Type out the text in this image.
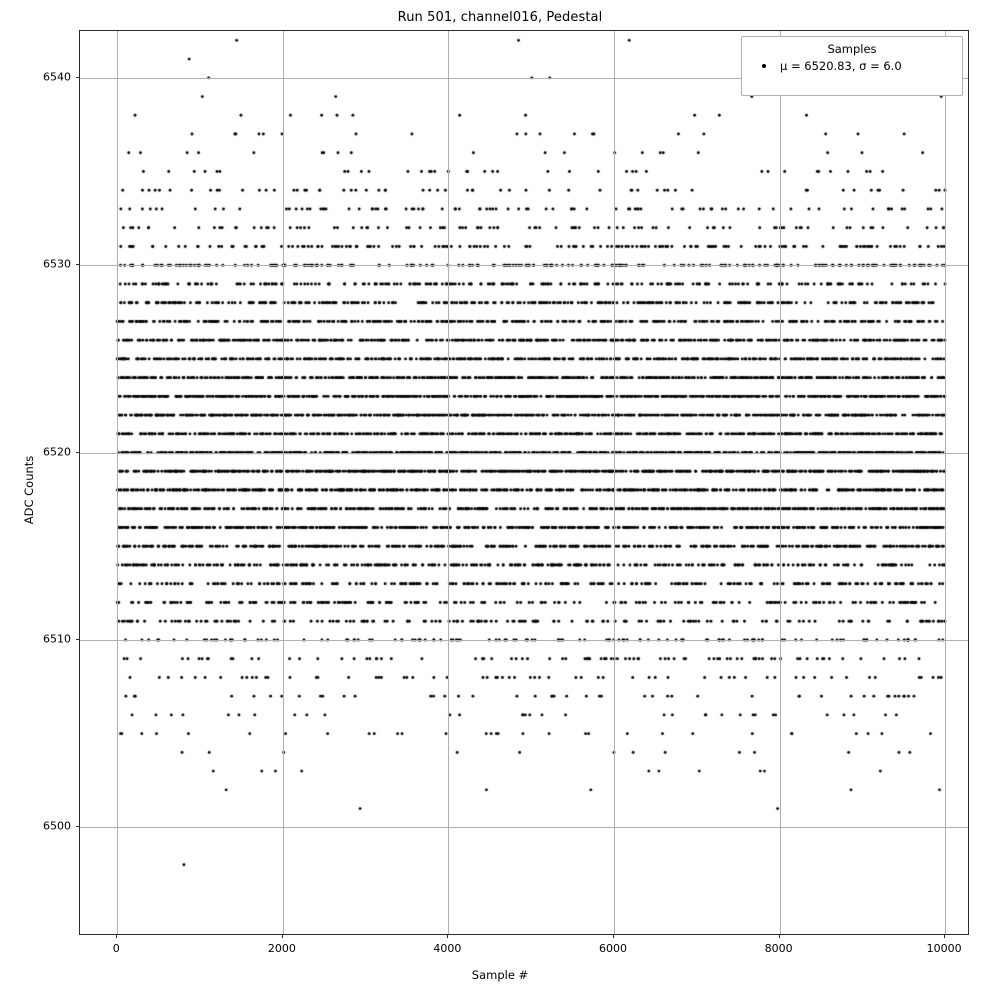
Run 501, channel016, Pedestal
Samples
μ = 6520.83, σ = 6.0
0	2000	4000	6000	8000	10000
6500
6510
6520
6530
6540
Sample #
ADC Counts
